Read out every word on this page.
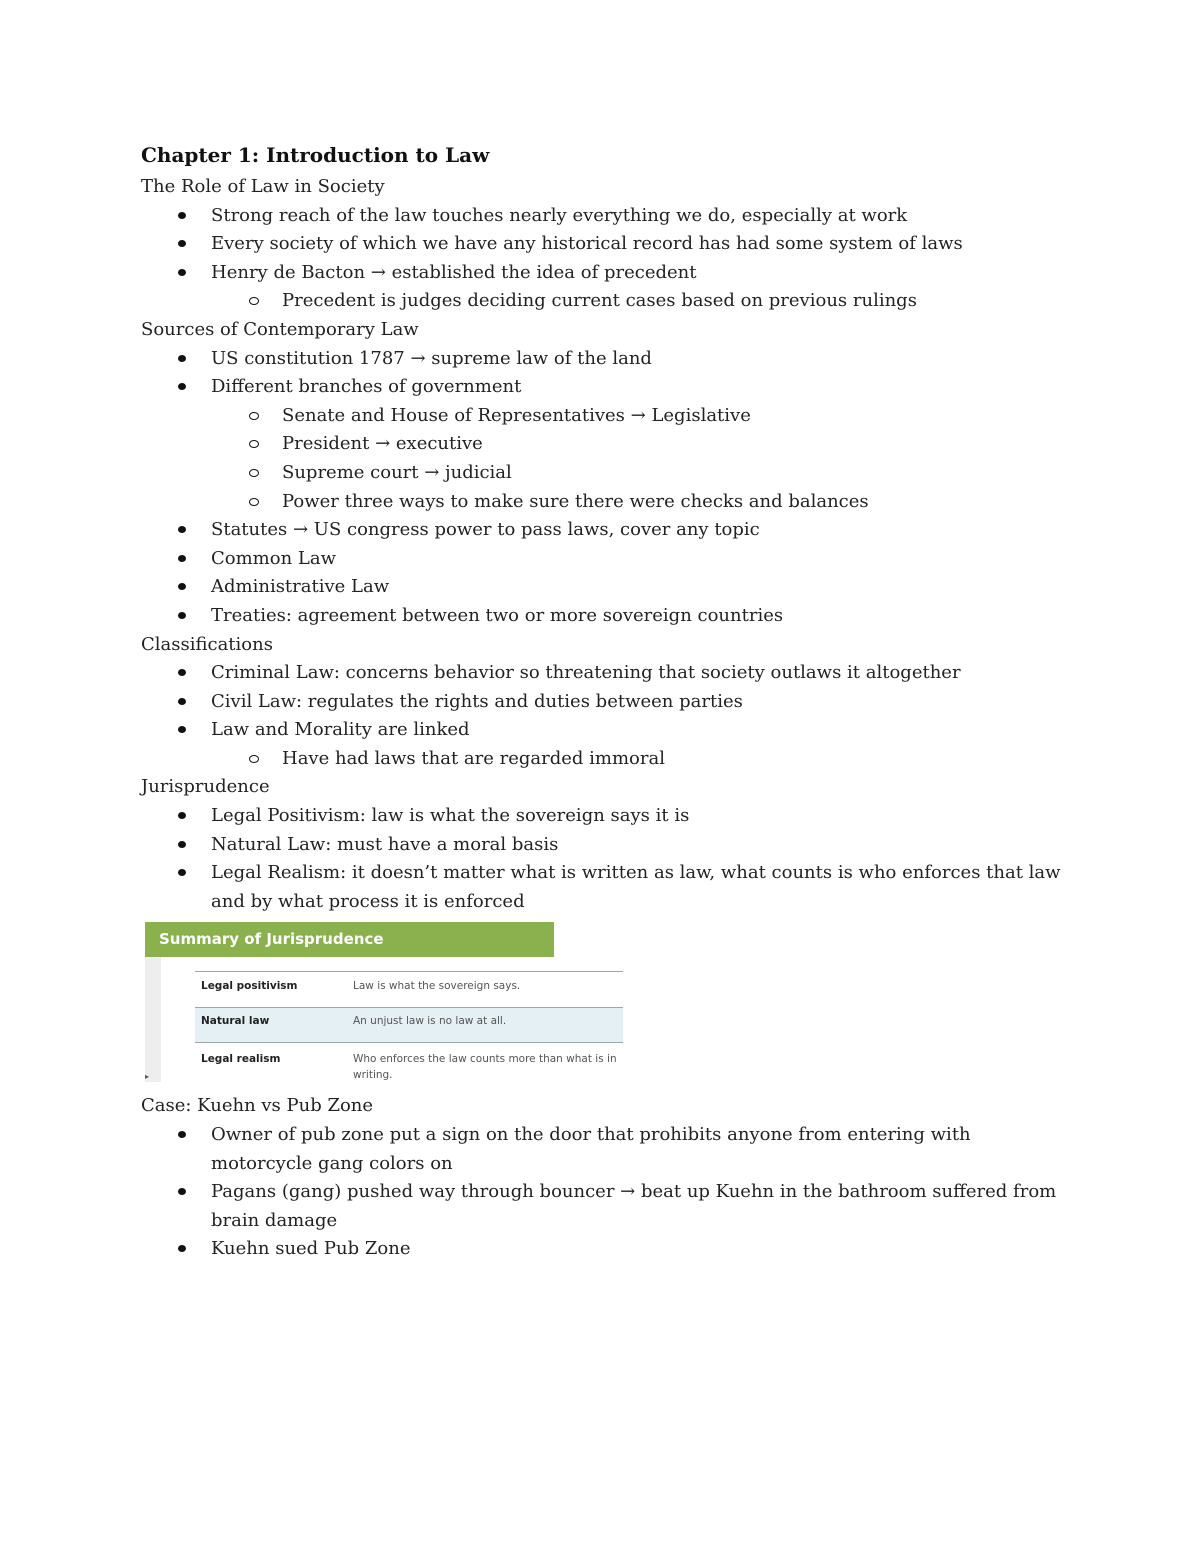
Chapter 1: Introduction to Law
The Role of Law in Society
Strong reach of the law touches nearly everything we do, especially at work
Every society of which we have any historical record has had some system of laws
Henry de Bacton → established the idea of precedent
Precedent is judges deciding current cases based on previous rulings
Sources of Contemporary Law
US constitution 1787 → supreme law of the land
Different branches of government
Senate and House of Representatives → Legislative
President → executive
Supreme court → judicial
Power three ways to make sure there were checks and balances
Statutes → US congress power to pass laws, cover any topic
Common Law
Administrative Law
Treaties: agreement between two or more sovereign countries
Classifications
Criminal Law: concerns behavior so threatening that society outlaws it altogether
Civil Law: regulates the rights and duties between parties
Law and Morality are linked
Have had laws that are regarded immoral
Jurisprudence
Legal Positivism: law is what the sovereign says it is
Natural Law: must have a moral basis
Legal Realism: it doesn’t matter what is written as law, what counts is who enforces that law and by what process it is enforced
Summary of Jurisprudence
Legal positivism	Law is what the sovereign says.
Natural law	An unjust law is no law at all.
Legal realism	Who enforces the law counts more than what is in writing.
▸
Case: Kuehn vs Pub Zone
Owner of pub zone put a sign on the door that prohibits anyone from entering with motorcycle gang colors on
Pagans (gang) pushed way through bouncer → beat up Kuehn in the bathroom suffered from brain damage
Kuehn sued Pub Zone
